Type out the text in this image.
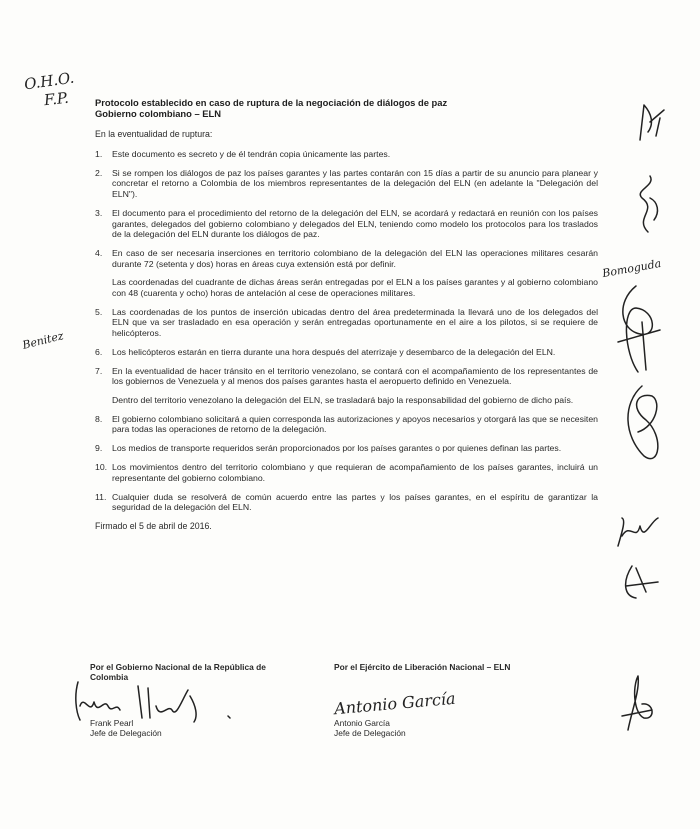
O.H.O.
F.P.
Benitez
Bomoguda
Protocolo establecido en caso de ruptura de la negociación de diálogos de paz
Gobierno colombiano – ELN
En la eventualidad de ruptura:
1. Este documento es secreto y de él tendrán copia únicamente las partes.

2. Si se rompen los diálogos de paz los países garantes y las partes contarán con 15 días a partir de su anuncio para planear y concretar el retorno a Colombia de los miembros representantes de la delegación del ELN (en adelante la "Delegación del ELN").

3. El documento para el procedimiento del retorno de la delegación del ELN, se acordará y redactará en reunión con los países garantes, delegados del gobierno colombiano y delegados del ELN, teniendo como modelo los protocolos para los traslados de la delegación del ELN durante los diálogos de paz.

4. En caso de ser necesaria inserciones en territorio colombiano de la delegación del ELN las operaciones militares cesarán durante 72 (setenta y dos) horas en áreas cuya extensión está por definir.

Las coordenadas del cuadrante de dichas áreas serán entregadas por el ELN a los países garantes y al gobierno colombiano con 48 (cuarenta y ocho) horas de antelación al cese de operaciones militares.

5. Las coordenadas de los puntos de inserción ubicadas dentro del área predeterminada la llevará uno de los delegados del ELN que va ser trasladado en esa operación y serán entregadas oportunamente en el aire a los pilotos, si se requiere de helicópteros.

6. Los helicópteros estarán en tierra durante una hora después del aterrizaje y desembarco de la delegación del ELN.

7. En la eventualidad de hacer tránsito en el territorio venezolano, se contará con el acompañamiento de los representantes de los gobiernos de Venezuela y al menos dos países garantes hasta el aeropuerto definido en Venezuela.

Dentro del territorio venezolano la delegación del ELN, se trasladará bajo la responsabilidad del gobierno de dicho país.

8. El gobierno colombiano solicitará a quien corresponda las autorizaciones y apoyos necesarios y otorgará las que se necesiten para todas las operaciones de retorno de la delegación.

9. Los medios de transporte requeridos serán proporcionados por los países garantes o por quienes definan las partes.

10. Los movimientos dentro del territorio colombiano y que requieran de acompañamiento de los países garantes, incluirá un representante del gobierno colombiano.

11. Cualquier duda se resolverá de común acuerdo entre las partes y los países garantes, en el espíritu de garantizar la seguridad de la delegación del ELN.

Firmado el 5 de abril de 2016.
Por el Gobierno Nacional de la República de
Colombia
Frank Pearl
Jefe de Delegación
Por el Ejército de Liberación Nacional – ELN
Antonio García
Antonio García
Jefe de Delegación
